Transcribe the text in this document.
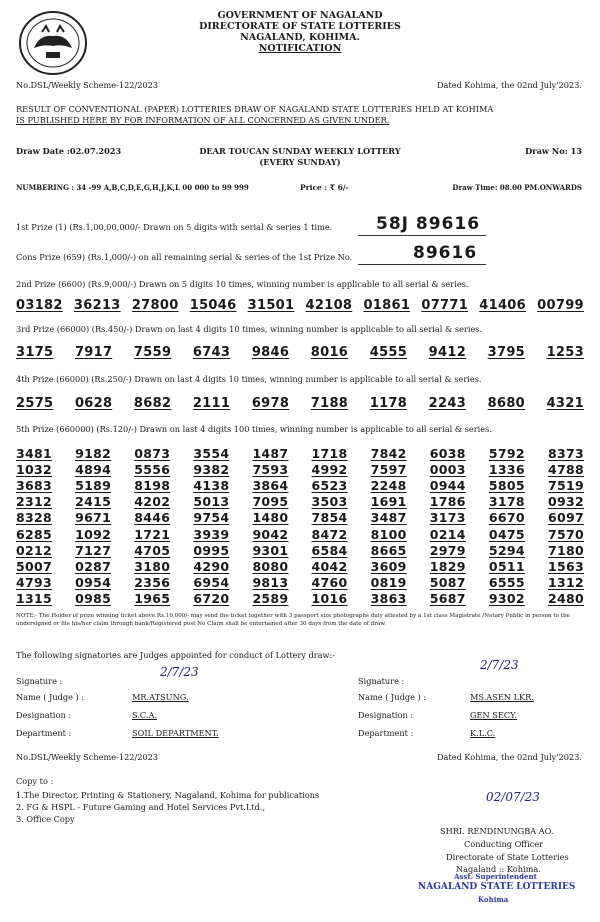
GOVERNMENT OF NAGALAND
DIRECTORATE OF STATE LOTTERIES
NAGALAND, KOHIMA.
NOTIFICATION
No.DSL/Weekly Scheme-122/2023	Dated Kohima, the 02nd July'2023.
RESULT OF CONVENTIONAL (PAPER) LOTTERIES DRAW OF NAGALAND STATE LOTTERIES HELD AT KOHIMA
IS PUBLISHED HERE BY FOR INFORMATION OF ALL CONCERNED AS GIVEN UNDER.
Draw Date :02.07.2023	DEAR TOUCAN SUNDAY WEEKLY LOTTERY
(EVERY SUNDAY)
Draw No: 13
NUMBERING : 34 -99 A,B,C,D,E,G,H,J,K,L 00 000 to 99 999	Price : ₹ 6/-	Draw Time: 08.00 PM.ONWARDS
1st Prize (1) (Rs.1,00,00,000/- Drawn on 5 digits with serial & series 1 time.	58J 89616
Cons Prize (659) (Rs.1,000/-) on all remaining serial & series of the 1st Prize No.	89616
2nd Prize (6600) (Rs.9,000/-) Drawn on 5 digits 10 times, winning number is applicable to all serial & series.
03182 36213 27800 15046 31501 42108 01861 07771 41406 00799
3rd Prize (66000) (Rs.450/-) Drawn on last 4 digits 10 times, winning number is applicable to all serial & series.
3175 7917 7559 6743 9846 8016 4555 9412 3795 1253
4th Prize (66000) (Rs.250/-) Drawn on last 4 digits 10 times, winning number is applicable to all serial & series.
2575 0628 8682 2111 6978 7188 1178 2243 8680 4321
5th Prize (660000) (Rs.120/-) Drawn on last 4 digits 100 times, winning number is applicable to all serial & series.
3481 9182 0873 3554 1487 1718 7842 6038 5792 8373
1032 4894 5556 9382 7593 4992 7597 0003 1336 4788
3683 5189 8198 4138 3864 6523 2248 0944 5805 7519
2312 2415 4202 5013 7095 3503 1691 1786 3178 0932
8328 9671 8446 9754 1480 7854 3487 3173 6670 6097
6285 1092 1721 3939 9042 8472 8100 0214 0475 7570
0212 7127 4705 0995 9301 6584 8665 2979 5294 7180
5007 0287 3180 4290 8080 4042 3609 1829 0511 1563
4793 0954 2356 6954 9813 4760 0819 5087 6555 1312
1315 0985 1965 6720 2589 1016 3863 5687 9302 2480
NOTE:- The Holder of prize winning ticket above Rs.10,000/- may send the ticket together with 3 passport size photographs duly attested by a 1st class Magistrate /Notary Public in person to the undersigned or file his/her claim through bank/Registered post No Claim shall be entertained after 30 days from the date of draw.
The following signatories are Judges appointed for conduct of Lottery draw:-
Signature :
2/7/23
Name ( Judge ) :	MR.ATSUNG.
Designation :	S.C.A.
Department :	SOIL DEPARTMENT.
Signature :
2/7/23
Name ( Judge ) :	MS.ASEN LKR.
Designation :	GEN SECY.
Department :	K.L.C.
No.DSL/Weekly Scheme-122/2023	Dated Kohima, the 02nd July'2023.
Copy to :
1.The Director, Printing & Stationery, Nagaland, Kohima for publications
2. FG & HSPL - Future Gaming and Hotel Services Pvt.Ltd.,
3. Office Copy
02/07/23
SHRI. RENDINUNGBA AO.
Conducting Officer
Directorate of State Lotteries
Nagaland :: Kohima.
Asst. Superintendent
NAGALAND STATE LOTTERIES
Kohima
